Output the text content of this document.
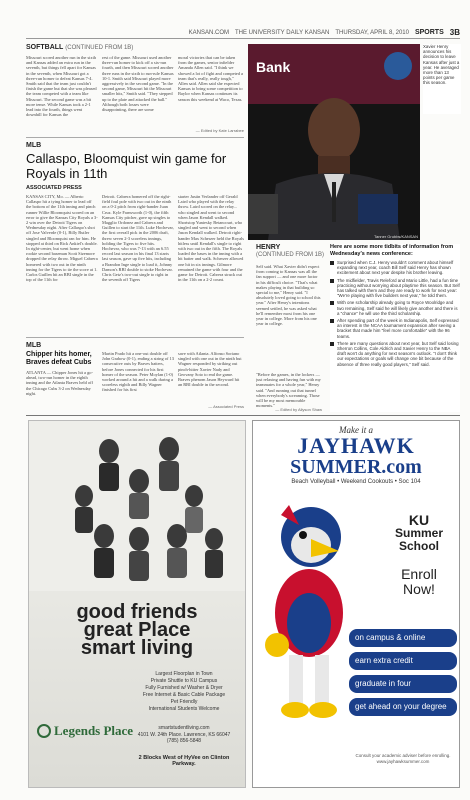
KANSAN.COM THE UNIVERSITY DAILY KANSAN THURSDAY, APRIL 8, 2010 SPORTS 3B
SOFTBALL (CONTINUED FROM 1B)
Missouri scored another run in the sixth and Kansas added an extra run in the seventh, but things fell apart for Kansas in the seventh, when Missouri got a three-run homer to defeat Kansas 7-4. Smith said that the team just couldn't finish the game but that she was pleased the team competed with a team like Missouri. The second game was a bit more tense. While Kansas took a 2-1 lead into the fourth, things went downhill for Kansas the
rest of the game. Missouri used another three-run homer to kick off a six-run fourth, and then Missouri scored another three runs in the sixth to run-rule Kansas 10-1. Smith said Missouri played more aggressively in the second game. "In the second game, Missouri hit the Missouri smaller hits," Smith said. "They stepped up to the plate and attacked the ball." Although both losses were disappointing, there are some
moral victories that can be taken from the games, senior infielder Amanda Allen said. "I think we showed a lot of fight and competed a team that's really, really tough," Allen said. Allen said she expected Kansas to bring some competition to Baylor when Kansas continues its season this weekend at Waco, Texas.
— Edited by Kate Larrabee
Bank
Tanner Grubbs/KANSAN
Xavier Henry announces his decision to leave Kansas after just a year. He averaged more than 13 points per game this season.
MLB
Callaspo, Bloomquist win game for Royals in 11th
ASSOCIATED PRESS
KANSAS CITY, Mo. — Alberto Callaspo hit a tying homer to lead off the bottom of the 11th inning and pinch runner Willie Bloomquist scored on an error to give the Kansas City Royals a 3-2 win over the Detroit Tigers on Wednesday night. After Callaspo's shot off Jose Valverde (0-1), Billy Butler singled and Bloomquist ran for him. He stopped at third on Rick Ankiel's double. In right-center, but went home when rookie second baseman Scott Sizemore dropped the relay throw. Miguel Cabrera homered with two out in the ninth inning for the Tigers to tie the score at 1. Carlos Guillen hit an RBI single in the top of the 11th for
Detroit. Cabrera homered off the right-field foul pole with two out in the ninth on a 0-2 pitch from right-hander Juan Cruz. Kyle Farnsworth (1-0), the fifth Kansas City pitcher, gave up singles to Magglio Ordonez and Cabrera and Guillen to start the 11th. Luke Hochevar, the first overall pick in the 2006 draft, threw seven 2-3 scoreless innings, holding the Tigers to five hits. Hochevar, who was 7-13 with an 6.55 record last season in his final 13 starts last season, gave up five hits, including a Brandon Inge single to load it, Johnny Damon's RBI double to stoke Hochevar. Chris Getz's two-out single to right in the seventh off Tigers
starter Justin Verlander off Gerald Laird who played with the relay throw. Laird scored on the relay... who singled and went to second when Jason Kendall walked. Shortstop Yuniesky Betancourt, who singled and went to second when Jason Kendall walked. Detroit right-hander Max Scherzer held the Royals hitless until Kendall's single to right with two out in the fifth. The Royals loaded the bases in the inning with a hit batter and walk. Scherzer allowed one hit in six innings. Gilmore remained the game with four and the game for Detroit. Cabrera struck out in the 11th on a 2-2 count.
MLB
Chipper hits homer, Braves defeat Cubs
ATLANTA — Chipper Jones hit a go-ahead, two-run homer in the eighth inning and the Atlanta Braves held off the Chicago Cubs 3-2 on Wednesday night.
Martin Prado hit a one-out double off John Grabow (0-1), ending a string of 13 consecutive outs by Braves batters, before Jones connected for his first homer of the season. Peter Moylan (1-0) worked around a hit and a walk during a scoreless eighth and Billy Wagner finished for his first
save with Atlanta. Alfonso Soriano singled with one out in the ninth but Wagner responded by striking out pinch-hitter Xavier Nady and Geovany Soto to end the game. Braves phenom Jason Heyward hit an RBI double in the second.
— Associated Press
HENRY
(CONTINUED FROM 1B)
Self said. What Xavier didn't expect from coming to Kansas was all the fan support — and one more factor in his difficult choice. "That's what makes playing in that building so special to me," Henry said. "I absolutely loved going to school this year." After Henry's intentions seemed settled, he was asked what he'll remember most from his one year in college. More from his one year in college.
"Before the games, in the lockers — just relaxing and having fun with my teammates for a whole year," Henry said. "And running out that tunnel when everybody's screaming. Those will be my most memorable moments."
— Edited by Allyson Shaw
Here are some more tidbits of information from Wednesday's news conference:
Surprised when C.J. Henry wouldn't comment about himself expanding next year, coach Bill Self said Henry has shown excitement about next year despite his brother leaving.
The midfielder, Travis Releford and Mario Little, had a fun time practicing without worrying about playtime this season. But Self has talked with them and they are ready to work for next year: "We're playing with five builders next year," he told them.
With one scholarship already going to Royce Woolridge and two remaining, Self said he will likely give another and there is a "chance" he will use the third scholarship.
After spending part of the week in Indianapolis, Self expressed an interest in the NCAA tournament expansion after seeing a bracket that made him "feel more comfortable" with the 96 teams.
There are many questions about next year, but Self said losing Sherron Collins, Cole Aldrich and Xavier Henry to the NBA draft won't do anything for next season's outlook. "I don't think our expectations or goals will change one bit because of the absence of three really good players," Self said.
good friends
great Place
smart living
Largest Floorplan in Town
Private Shuttle to KU Campus
Fully Furnished w/ Washer & Dryer
Free Internet & Basic Cable Package
Pet Friendly
International Students Welcome
Legends Place	smartstudentliving.com
4101 W. 24th Place. Lawrence, KS 66047
(785) 856-5848
2 Blocks West of HyVee on Clinton Parkway.
Make it a
JAYHAWK
SUMMER.com
Beach Volleyball • Weekend Cookouts • Soc 104
KU
Summer
School
Enroll
Now!
on campus & online
earn extra credit
graduate in four
get ahead on your degree
Consult your academic adviser before enrolling. www.jayhawksummer.com
